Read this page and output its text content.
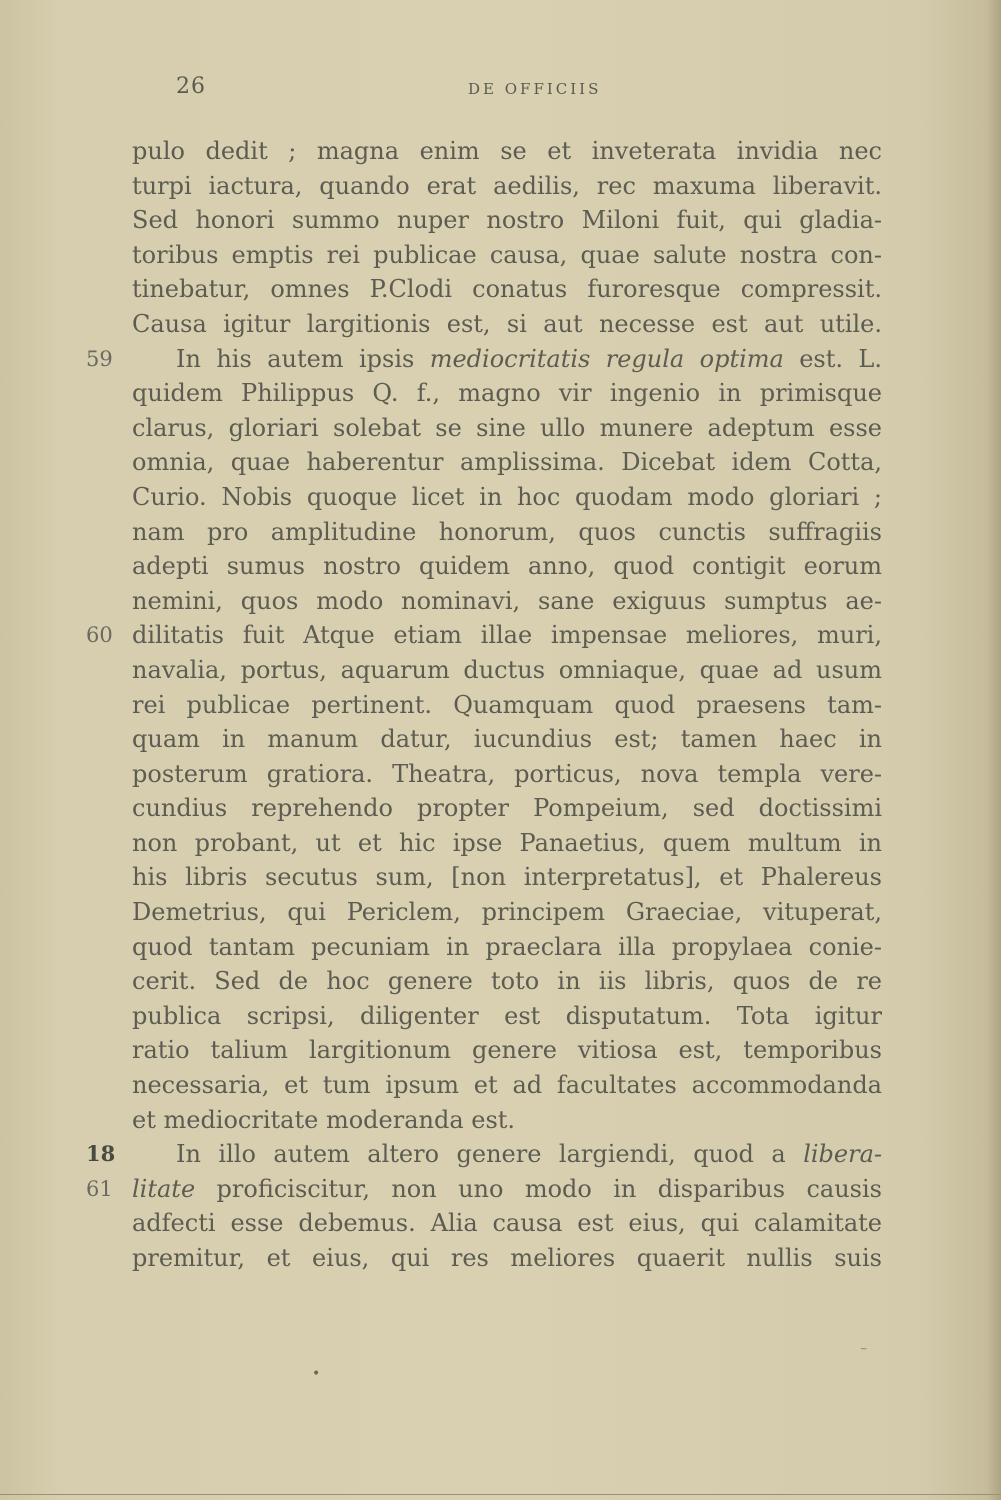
26	DE OFFICIIS
pulo dedit ; magna enim se et inveterata invidia nec
turpi iactura, quando erat aedilis, rec maxuma liberavit.
Sed honori summo nuper nostro Miloni fuit, qui gladia-
toribus emptis rei publicae causa, quae salute nostra con-
tinebatur, omnes P.Clodi conatus furoresque compressit.
Causa igitur largitionis est, si aut necesse est aut utile.
59	In his autem ipsis mediocritatis regula optima est. L.
quidem Philippus Q. f., magno vir ingenio in primisque
clarus, gloriari solebat se sine ullo munere adeptum esse
omnia, quae haberentur amplissima. Dicebat idem Cotta,
Curio. Nobis quoque licet in hoc quodam modo gloriari ;
nam pro amplitudine honorum, quos cunctis suffragiis
adepti sumus nostro quidem anno, quod contigit eorum
nemini, quos modo nominavi, sane exiguus sumptus ae-
60 dilitatis fuit Atque etiam illae impensae meliores, muri,
navalia, portus, aquarum ductus omniaque, quae ad usum
rei publicae pertinent. Quamquam quod praesens tam-
quam in manum datur, iucundius est; tamen haec in
posterum gratiora. Theatra, porticus, nova templa vere-
cundius reprehendo propter Pompeium, sed doctissimi
non probant, ut et hic ipse Panaetius, quem multum in
his libris secutus sum, [non interpretatus], et Phalereus
Demetrius, qui Periclem, principem Graeciae, vituperat,
quod tantam pecuniam in praeclara illa propylaea conie-
cerit. Sed de hoc genere toto in iis libris, quos de re
publica scripsi, diligenter est disputatum. Tota igitur
ratio talium largitionum genere vitiosa est, temporibus
necessaria, et tum ipsum et ad facultates accommodanda
et mediocritate moderanda est.
18	In illo autem altero genere largiendi, quod a libera-
61 litate proficiscitur, non uno modo in disparibus causis
adfecti esse debemus. Alia causa est eius, qui calamitate
premitur, et eius, qui res meliores quaerit nullis suis
⁻
•
